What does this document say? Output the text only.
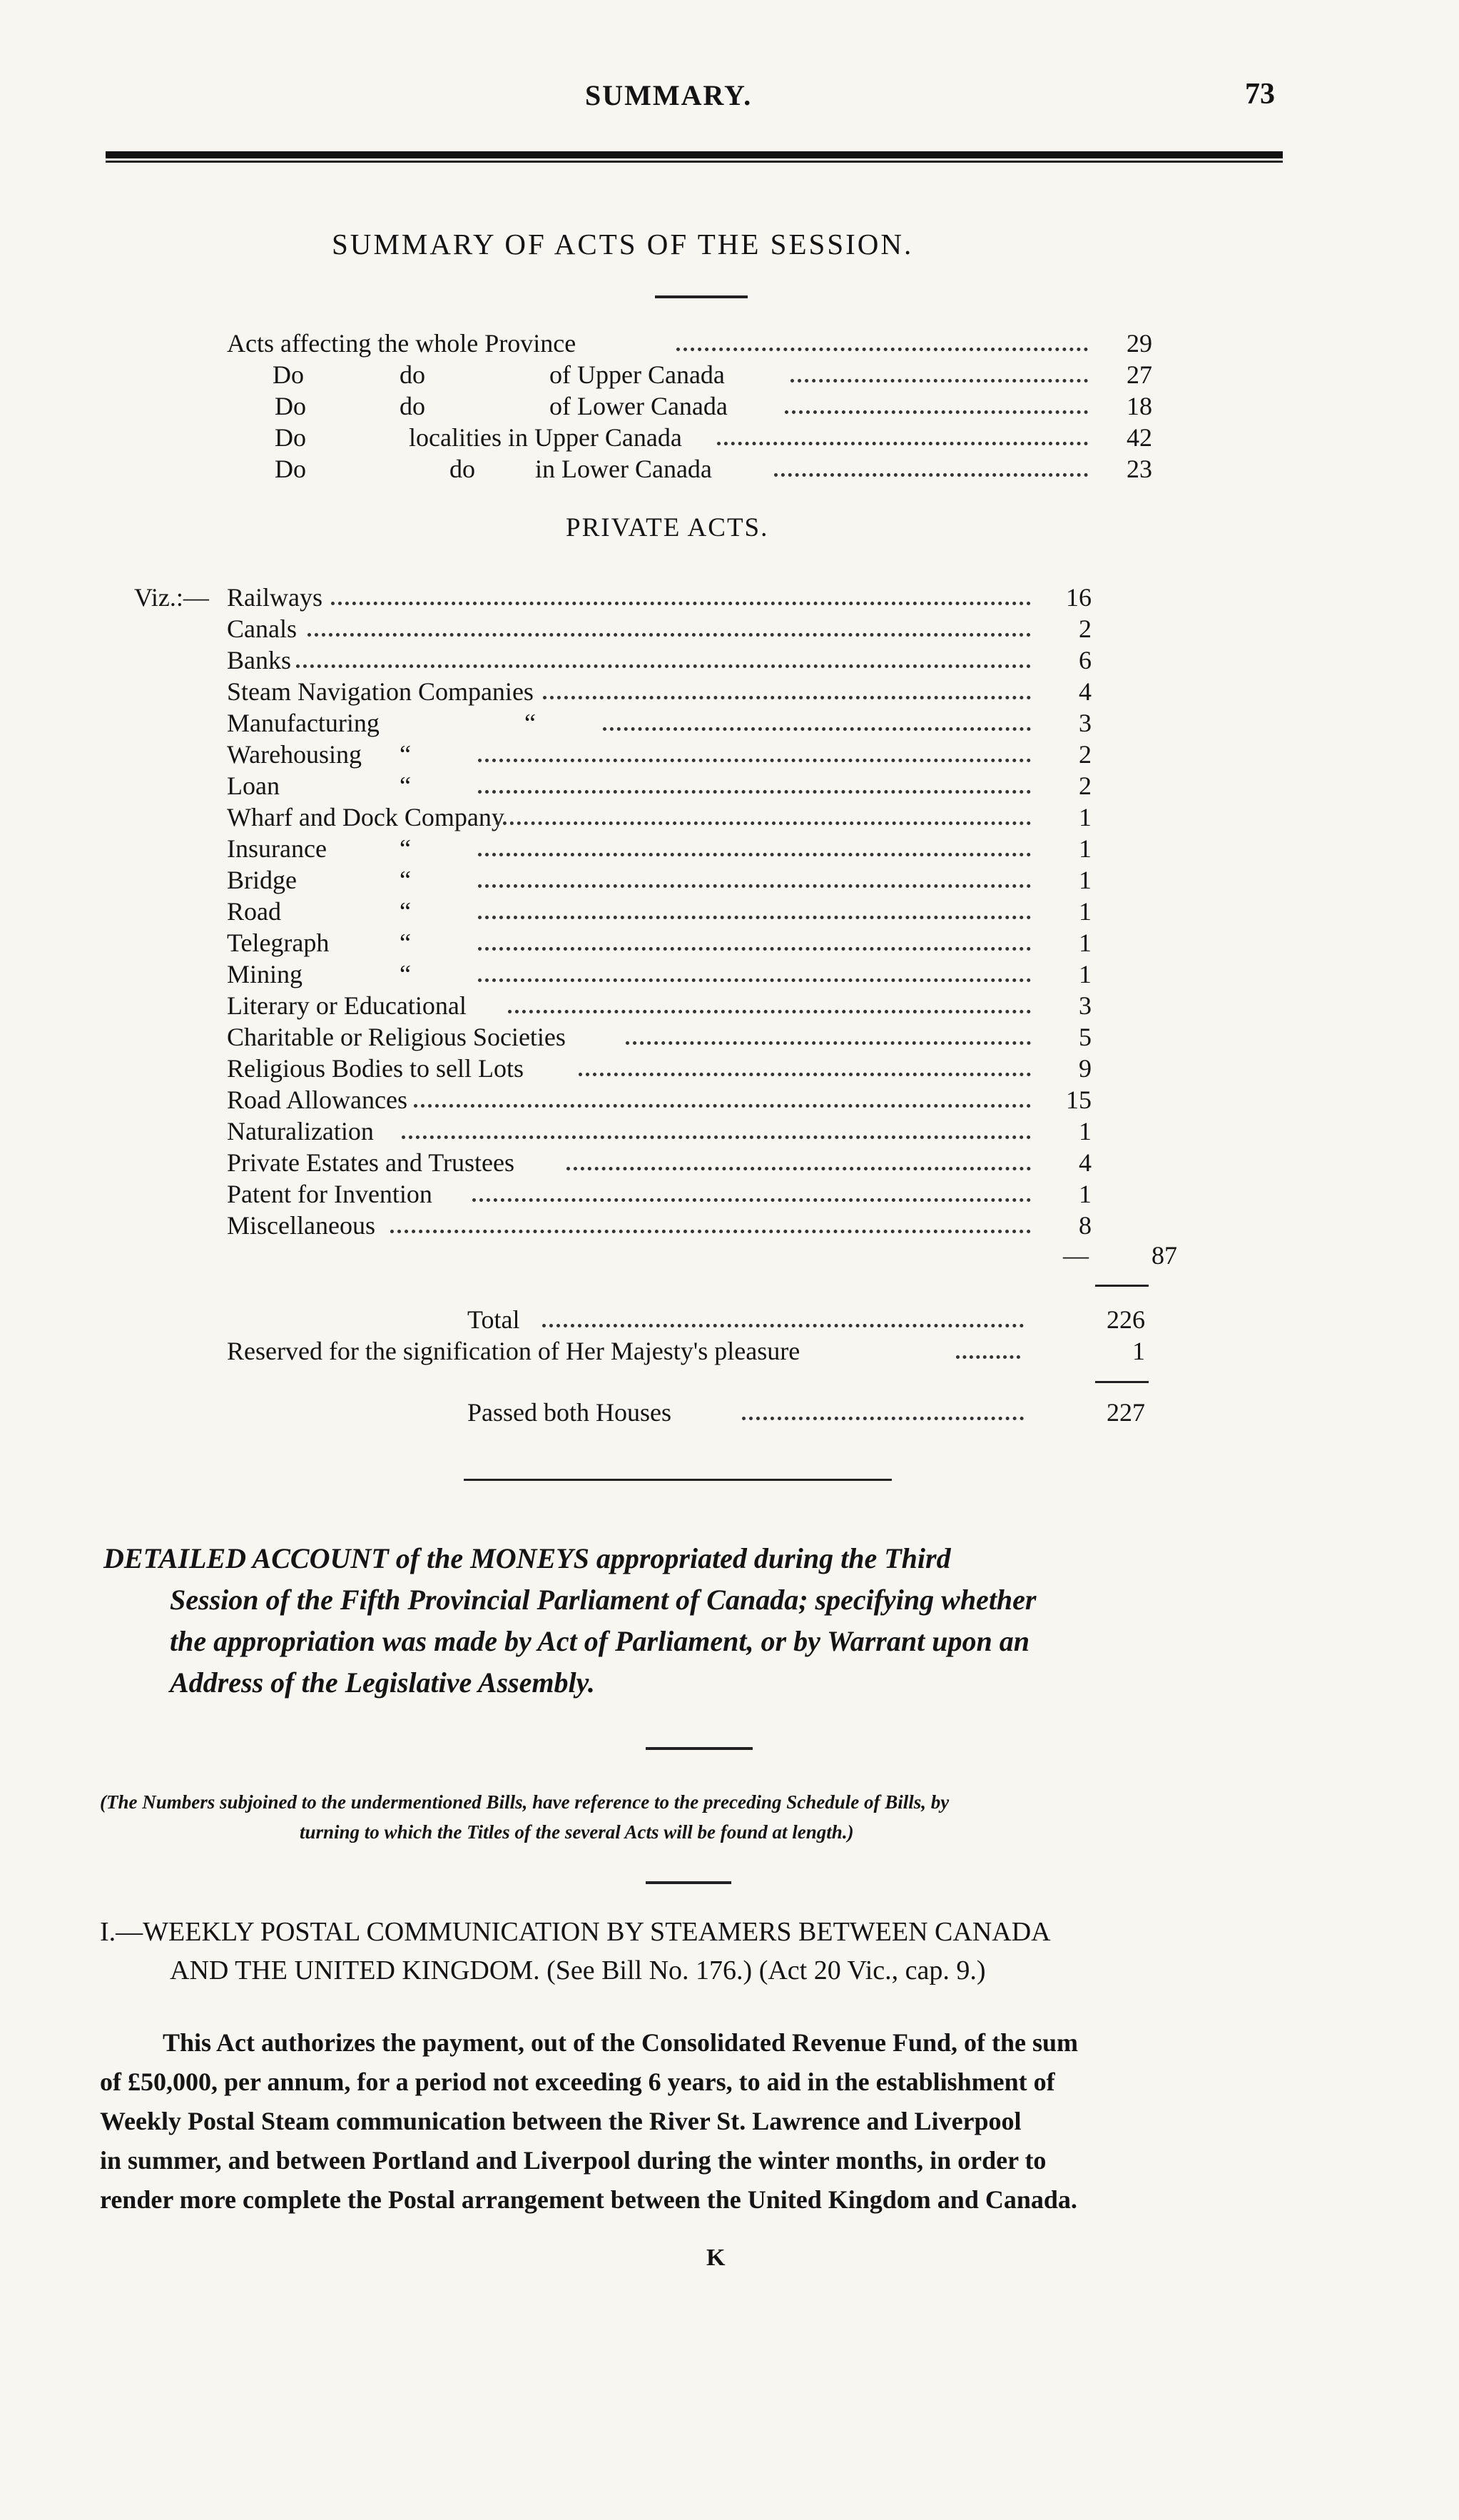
SUMMARY.	73
SUMMARY OF ACTS OF THE SESSION.
Acts affecting the whole Province	29
Do	do	of Upper Canada	27
Do	do	of Lower Canada	18
Do	localities in Upper Canada	42
Do	do in Lower Canada	23
PRIVATE ACTS.
Viz.:— Railways	16
Canals	2
Banks	6
Steam Navigation Companies	4
Manufacturing	“	3
Warehousing “	2
Loan	“	2
Wharf and Dock Company	1
Insurance	“	1
Bridge	“	1
Road	“	1
Telegraph	“	1
Mining	“	1
Literary or Educational	3
Charitable or Religious Societies	5
Religious Bodies to sell Lots	9
Road Allowances	15
Naturalization	1
Private Estates and Trustees	4
Patent for Invention	1
Miscellaneous	8
—	87
Total	226
Reserved for the signification of Her Majesty's pleasure	1
Passed both Houses	227
DETAILED ACCOUNT of the MONEYS appropriated during the Third
Session of the Fifth Provincial Parliament of Canada; specifying whether
the appropriation was made by Act of Parliament, or by Warrant upon an
Address of the Legislative Assembly.
(The Numbers subjoined to the undermentioned Bills, have reference to the preceding Schedule of Bills, by
turning to which the Titles of the several Acts will be found at length.)
I.—WEEKLY POSTAL COMMUNICATION BY STEAMERS BETWEEN CANADA
AND THE UNITED KINGDOM. (See Bill No. 176.) (Act 20 Vic., cap. 9.)
This Act authorizes the payment, out of the Consolidated Revenue Fund, of the sum
of £50,000, per annum, for a period not exceeding 6 years, to aid in the establishment of
Weekly Postal Steam communication between the River St. Lawrence and Liverpool
in summer, and between Portland and Liverpool during the winter months, in order to
render more complete the Postal arrangement between the United Kingdom and Canada.
K
